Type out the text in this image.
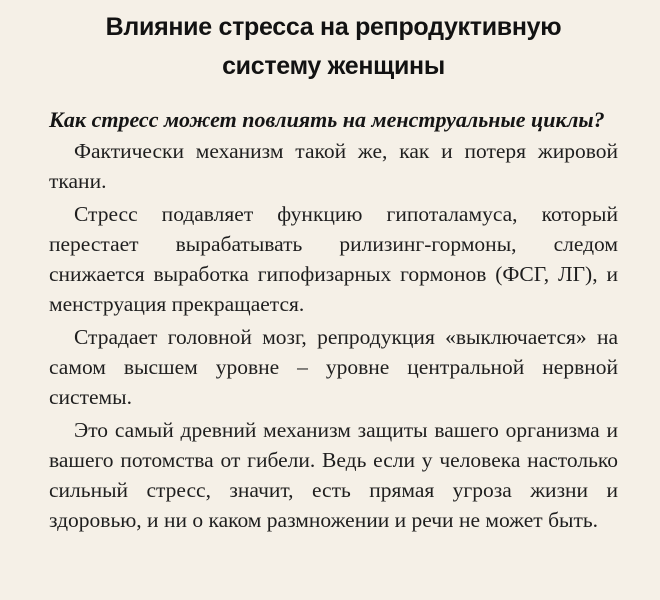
Влияние стресса на репродуктивную
систему женщины

Как стресс может повлиять на менструальные циклы?

Фактически механизм такой же, как и потеря жировой ткани.

Стресс подавляет функцию гипоталамуса, который перестает вырабатывать рилизинг-гормоны, следом снижается выработка гипофизарных гормонов (ФСГ, ЛГ), и менструация прекращается.

Страдает головной мозг, репродукция «выключается» на самом высшем уровне – уровне центральной нервной системы.

Это самый древний механизм защиты вашего организма и вашего потомства от гибели. Ведь если у человека настолько сильный стресс, значит, есть прямая угроза жизни и здоровью, и ни о каком размножении и речи не может быть.
